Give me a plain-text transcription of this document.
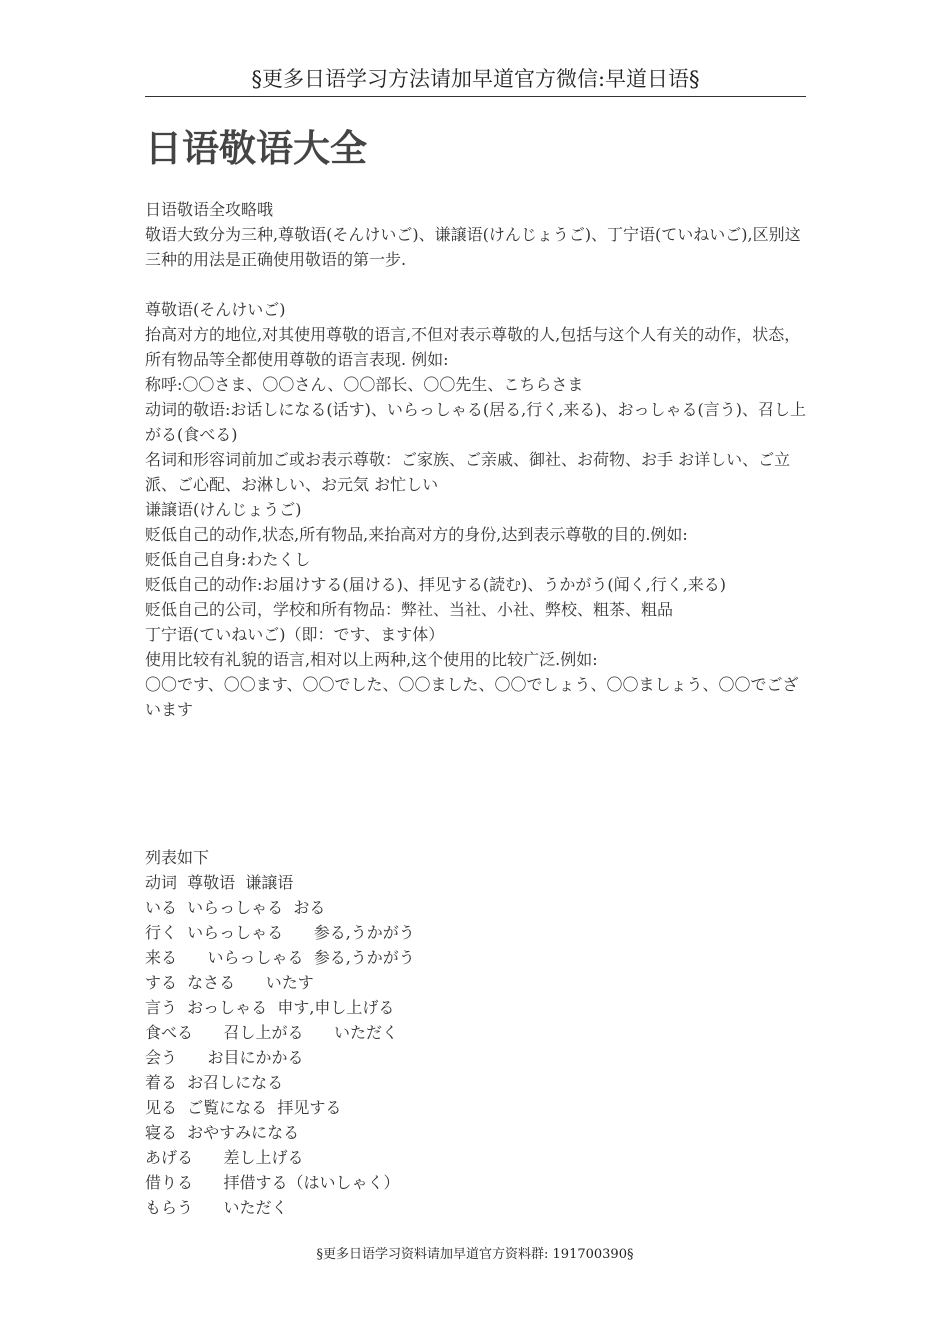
§更多日语学习方法请加早道官方微信:早道日语§
日语敬语大全

日语敬语全攻略哦

敬语大致分为三种,尊敬语(そんけいご)、谦譲语(けんじょうご)、丁宁语(ていねいご),区别这三种的用法是正确使用敬语的第一步.

尊敬语(そんけいご)

抬高对方的地位,对其使用尊敬的语言,不但对表示尊敬的人,包括与这个人有关的动作，状态，所有物品等全都使用尊敬的语言表现. 例如:

称呼:〇〇さま、〇〇さん、〇〇部长、〇〇先生、こちらさま

动词的敬语:お话しになる(话す)、いらっしゃる(居る,行く,来る)、おっしゃる(言う)、召し上がる(食べる)

名词和形容词前加ご或お表示尊敬：ご家族、ご亲戚、御社、お荷物、お手 お详しい、ご立派、ご心配、お淋しい、お元気 お忙しい

谦譲语(けんじょうご)

贬低自己的动作,状态,所有物品,来抬高对方的身份,达到表示尊敬的目的.例如:

贬低自己自身:わたくし

贬低自己的动作:お届けする(届ける)、拝见する(読む)、うかがう(闻く,行く,来る)

贬低自己的公司，学校和所有物品：弊社、当社、小社、弊校、粗茶、粗品

丁宁语(ていねいご)（即：です、ます体）

使用比较有礼貌的语言,相对以上两种,这个使用的比较广泛.例如:

〇〇です、〇〇ます、〇〇でした、〇〇ました、〇〇でしょう、〇〇ましょう、〇〇でございます

列表如下

动词  尊敬语  谦譲语

いる  いらっしゃる  おる

行く  いらっしゃる      参る,うかがう

来る      いらっしゃる  参る,うかがう

する  なさる      いたす

言う  おっしゃる  申す,申し上げる

食べる      召し上がる      いただく

会う      お目にかかる

着る  お召しになる

见る  ご覧になる  拝见する

寝る  おやすみになる

あげる      差し上げる

借りる      拝借する（はいしゃく）

もらう      いただく

§更多日语学习资料请加早道官方资料群: 191700390§
